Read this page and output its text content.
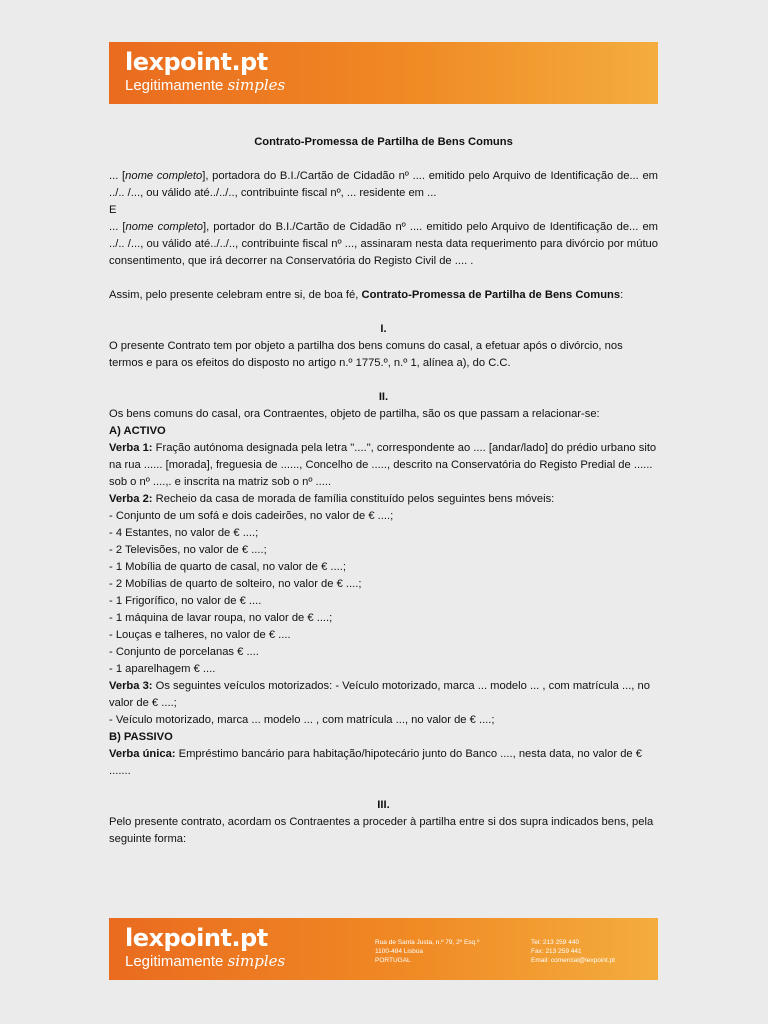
lexpoint.pt
Legitimamente simples

Contrato-Promessa de Partilha de Bens Comuns

... [nome completo], portadora do B.I./Cartão de Cidadão nº .... emitido pelo Arquivo de Identificação de... em ../.. /..., ou válido até../../.., contribuinte fiscal nº, ... residente em ...

E

... [nome completo], portador do B.I./Cartão de Cidadão nº .... emitido pelo Arquivo de Identificação de... em ../.. /..., ou válido até../../.., contribuinte fiscal nº ..., assinaram nesta data requerimento para divórcio por mútuo consentimento, que irá decorrer na Conservatória do Registo Civil de .... .

Assim, pelo presente celebram entre si, de boa fé, Contrato-Promessa de Partilha de Bens Comuns:

I.

O presente Contrato tem por objeto a partilha dos bens comuns do casal, a efetuar após o divórcio, nos termos e para os efeitos do disposto no artigo n.º 1775.º, n.º 1, alínea a), do C.C.

II.

Os bens comuns do casal, ora Contraentes, objeto de partilha, são os que passam a relacionar-se:

A) ACTIVO

Verba 1: Fração autónoma designada pela letra "....", correspondente ao .... [andar/lado] do prédio urbano sito na rua ...... [morada], freguesia de ......, Concelho de ....., descrito na Conservatória do Registo Predial de ...... sob o nº ....,. e inscrita na matriz sob o nº .....

Verba 2: Recheio da casa de morada de família constituído pelos seguintes bens móveis:

- Conjunto de um sofá e dois cadeirões, no valor de € ....;

- 4 Estantes, no valor de € ....;

- 2 Televisões, no valor de € ....;

- 1 Mobília de quarto de casal, no valor de € ....;

- 2 Mobílias de quarto de solteiro, no valor de € ....;

- 1 Frigorífico, no valor de € ....

- 1 máquina de lavar roupa, no valor de € ....;

- Louças e talheres, no valor de € ....

- Conjunto de porcelanas € ....

- 1 aparelhagem € ....

Verba 3: Os seguintes veículos motorizados: - Veículo motorizado, marca ... modelo ... , com matrícula ..., no valor de € ....;

- Veículo motorizado, marca ... modelo ... , com matrícula ..., no valor de € ....;

B) PASSIVO

Verba única: Empréstimo bancário para habitação/hipotecário junto do Banco ...., nesta data, no valor de € .......

III.

Pelo presente contrato, acordam os Contraentes a proceder à partilha entre si dos supra indicados bens, pela seguinte forma:

lexpoint.pt
Legitimamente simples
Rua de Santa Justa, n.º 79, 2º Esq.º
1100-484 Lisboa
PORTUGAL
Tel: 213 259 440
Fax: 213 259 441
Email: comercial@lexpoint.pt
